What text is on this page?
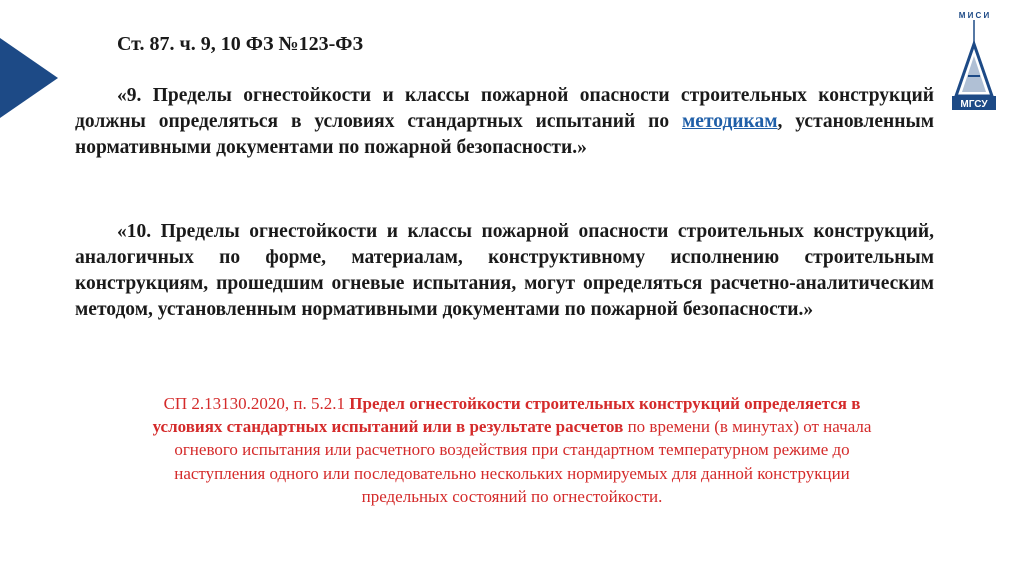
М И С И
МГСУ
Ст. 87. ч. 9, 10 ФЗ №123-ФЗ

«9. Пределы огнестойкости и классы пожарной опасности строительных конструкций должны определяться в условиях стандартных испытаний по методикам, установленным нормативными документами по пожарной безопасности.»

«10. Пределы огнестойкости и классы пожарной опасности строительных конструкций, аналогичных по форме, материалам, конструктивному исполнению строительным конструкциям, прошедшим огневые испытания, могут определяться расчетно-аналитическим методом, установленным нормативными документами по пожарной безопасности.»

СП 2.13130.2020, п. 5.2.1 Предел огнестойкости строительных конструкций определяется в условиях стандартных испытаний или в результате расчетов по времени (в минутах) от начала огневого испытания или расчетного воздействия при стандартном температурном режиме до наступления одного или последовательно нескольких нормируемых для данной конструкции предельных состояний по огнестойкости.
